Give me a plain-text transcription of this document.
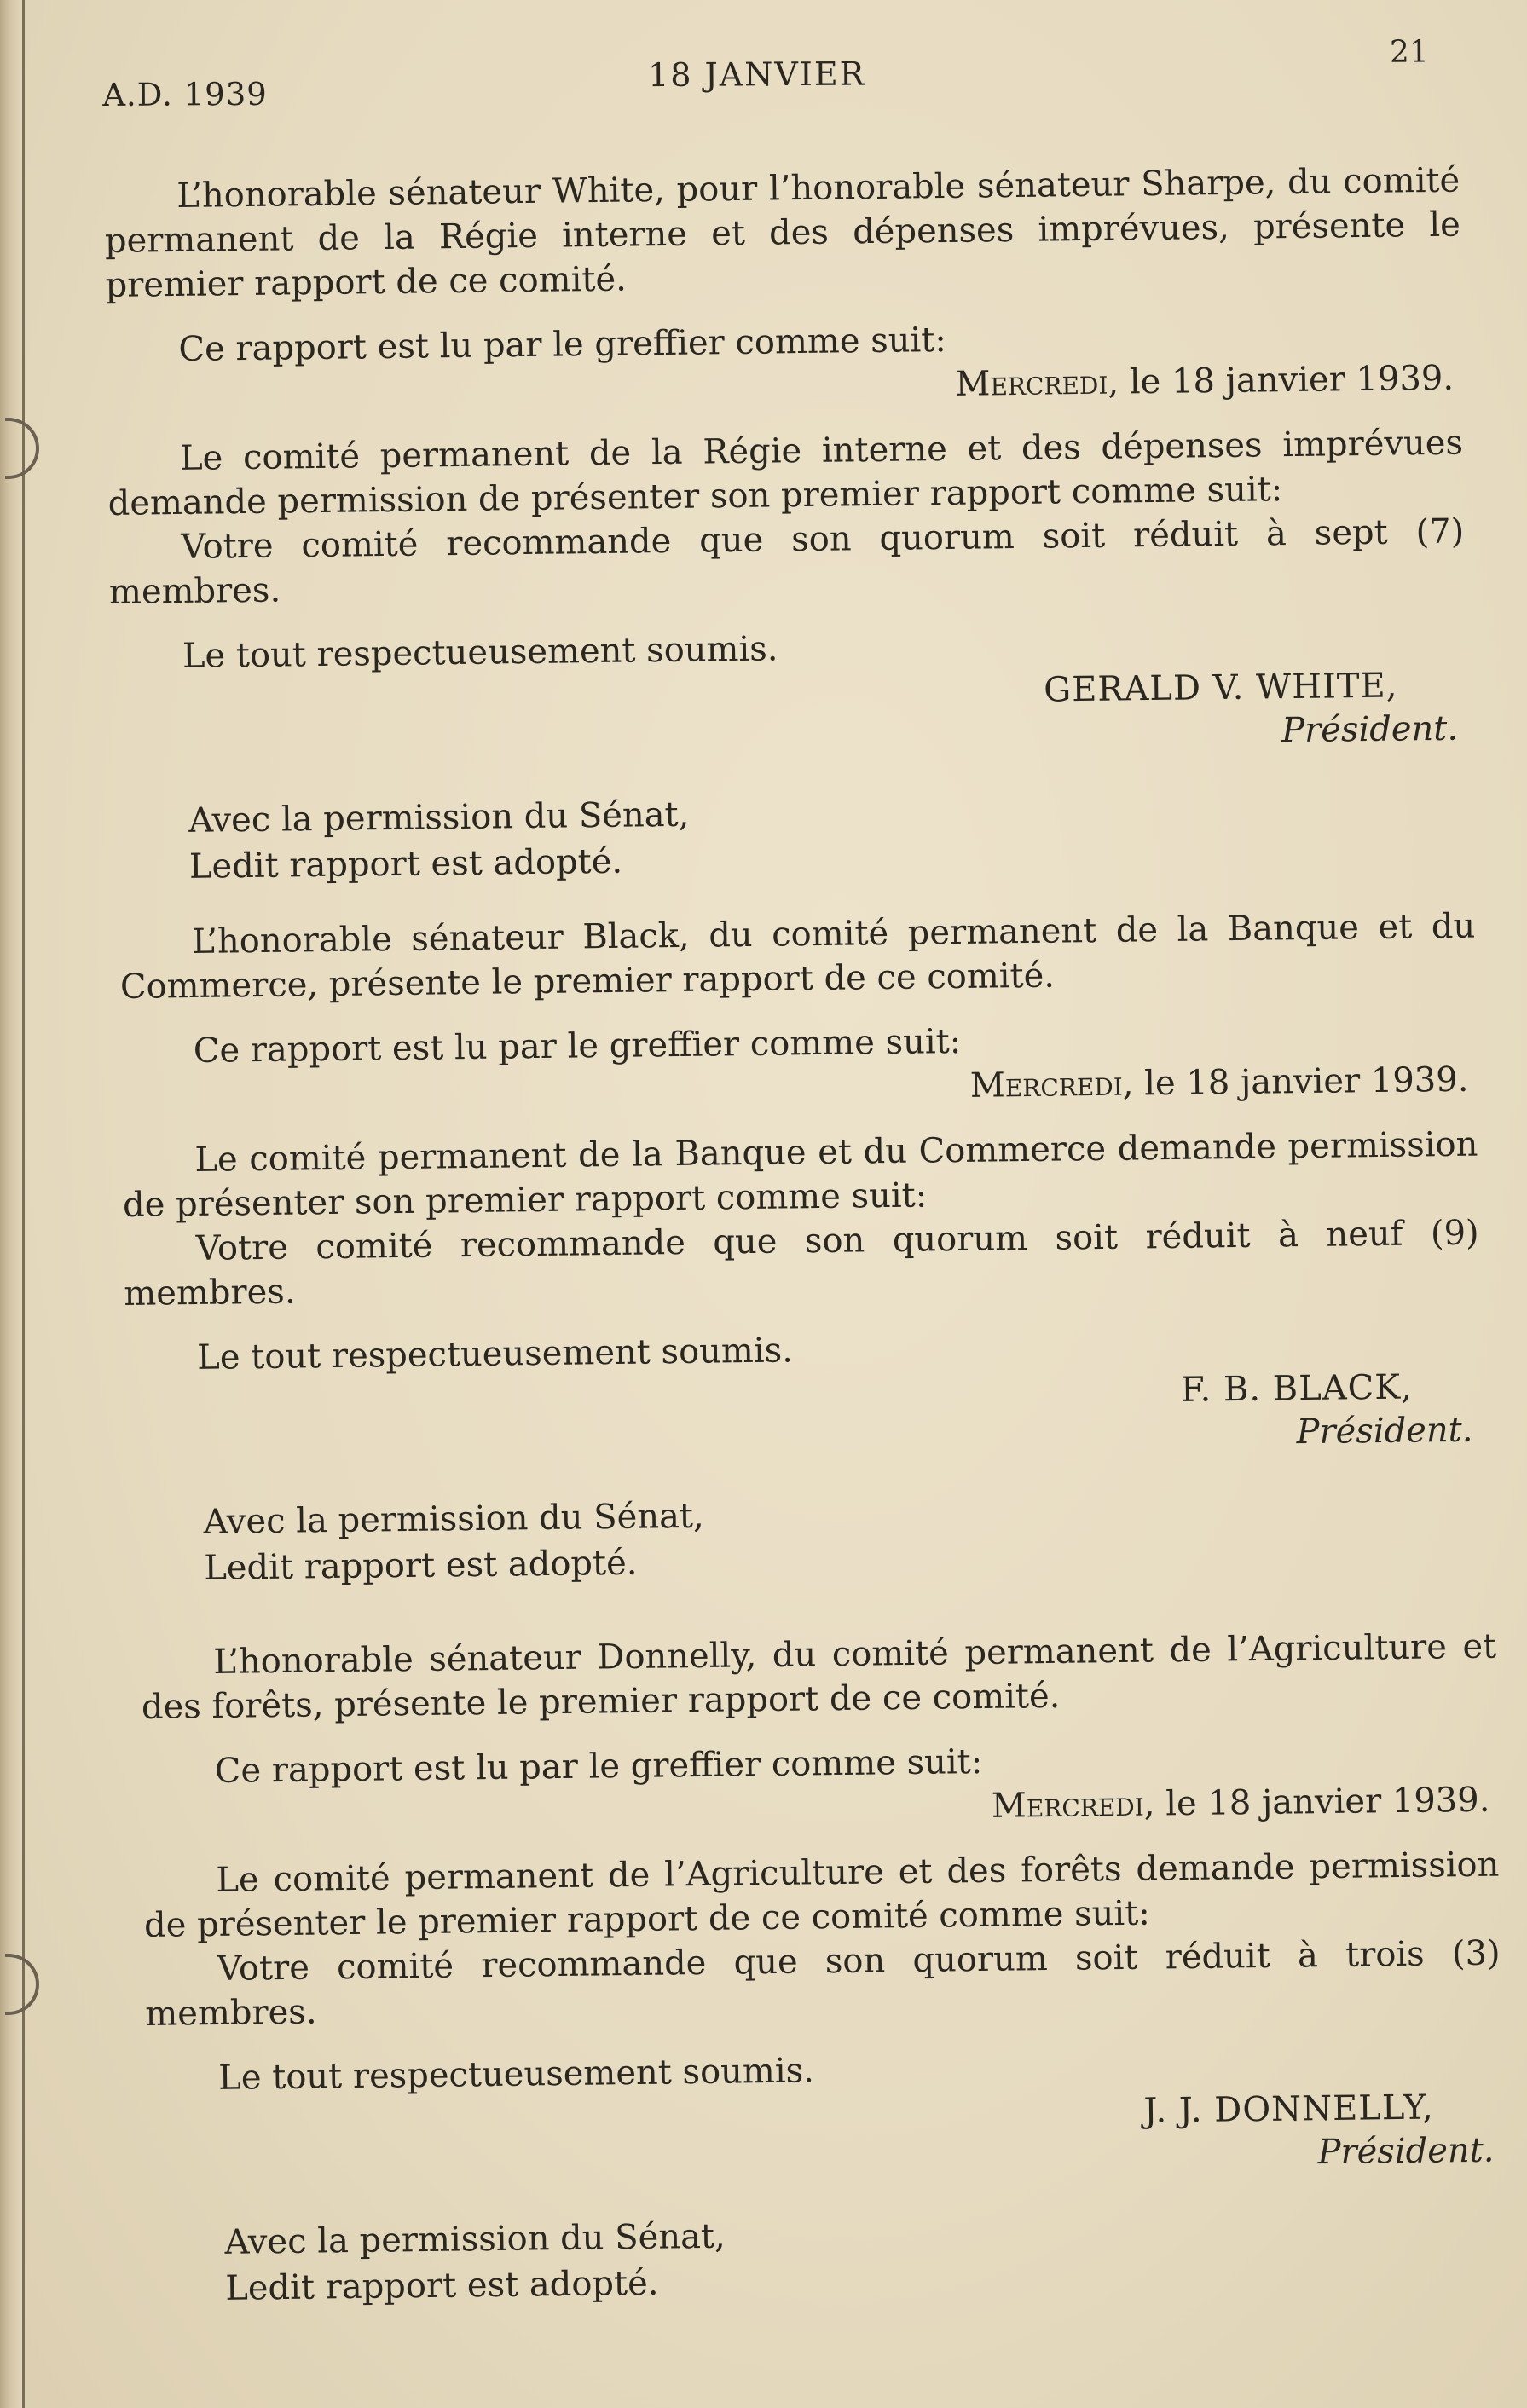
A.D. 1939
18 JANVIER
21

L’honorable sénateur White, pour l’honorable sénateur Sharpe, du comité permanent de la Régie interne et des dépenses imprévues, présente le premier rapport de ce comité.

Ce rapport est lu par le greffier comme suit:

Mercredi, le 18 janvier 1939.

Le comité permanent de la Régie interne et des dépenses imprévues demande permission de présenter son premier rapport comme suit:

Votre comité recommande que son quorum soit réduit à sept (7) membres.

Le tout respectueusement soumis.

GERALD V. WHITE,
Président.
Avec la permission du Sénat,
Ledit rapport est adopté.

L’honorable sénateur Black, du comité permanent de la Banque et du Commerce, présente le premier rapport de ce comité.

Ce rapport est lu par le greffier comme suit:

Mercredi, le 18 janvier 1939.

Le comité permanent de la Banque et du Commerce demande permission de présenter son premier rapport comme suit:

Votre comité recommande que son quorum soit réduit à neuf (9) membres.

Le tout respectueusement soumis.

F. B. BLACK,
Président.
Avec la permission du Sénat,
Ledit rapport est adopté.

L’honorable sénateur Donnelly, du comité permanent de l’Agriculture et des forêts, présente le premier rapport de ce comité.

Ce rapport est lu par le greffier comme suit:

Mercredi, le 18 janvier 1939.

Le comité permanent de l’Agriculture et des forêts demande permission de présenter le premier rapport de ce comité comme suit:

Votre comité recommande que son quorum soit réduit à trois (3) membres.

Le tout respectueusement soumis.

J. J. DONNELLY,
Président.
Avec la permission du Sénat,
Ledit rapport est adopté.
